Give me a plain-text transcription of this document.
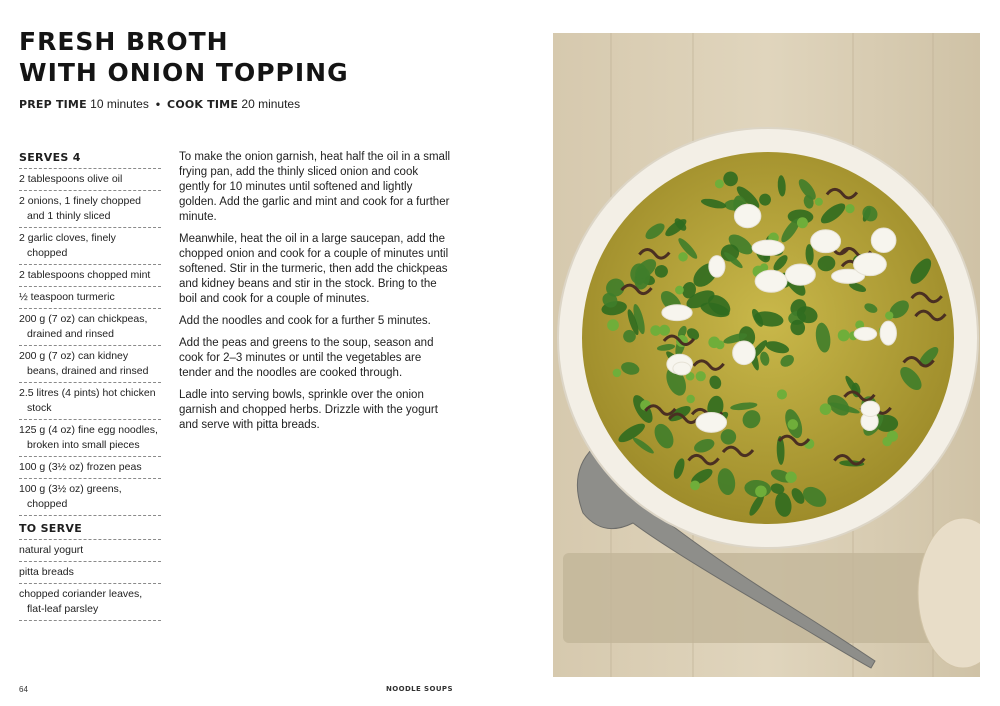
FRESH BROTH
WITH ONION TOPPING
PREP TIME 10 minutes • COOK TIME 20 minutes
SERVES 4
2 tablespoons olive oil
2 onions, 1 finely chopped
and 1 thinly sliced
2 garlic cloves, finely
chopped
2 tablespoons chopped mint
½ teaspoon turmeric
200 g (7 oz) can chickpeas,
drained and rinsed
200 g (7 oz) can kidney
beans, drained and rinsed
2.5 litres (4 pints) hot chicken
stock
125 g (4 oz) fine egg noodles,
broken into small pieces
100 g (3½ oz) frozen peas
100 g (3½ oz) greens,
chopped
TO SERVE
natural yogurt
pitta breads
chopped coriander leaves,
flat-leaf parsley

To make the onion garnish, heat half the oil in a small frying pan, add the thinly sliced onion and cook gently for 10 minutes until softened and lightly golden. Add the garlic and mint and cook for a further minute.

Meanwhile, heat the oil in a large saucepan, add the chopped onion and cook for a couple of minutes until softened. Stir in the turmeric, then add the chickpeas and kidney beans and stir in the stock. Bring to the boil and cook for a couple of minutes.

Add the noodles and cook for a further 5 minutes.

Add the peas and greens to the soup, season and cook for 2–3 minutes or until the vegetables are tender and the noodles are cooked through.

Ladle into serving bowls, sprinkle over the onion garnish and chopped herbs. Drizzle with the yogurt and serve with pitta breads.

64	NOODLE SOUPS
